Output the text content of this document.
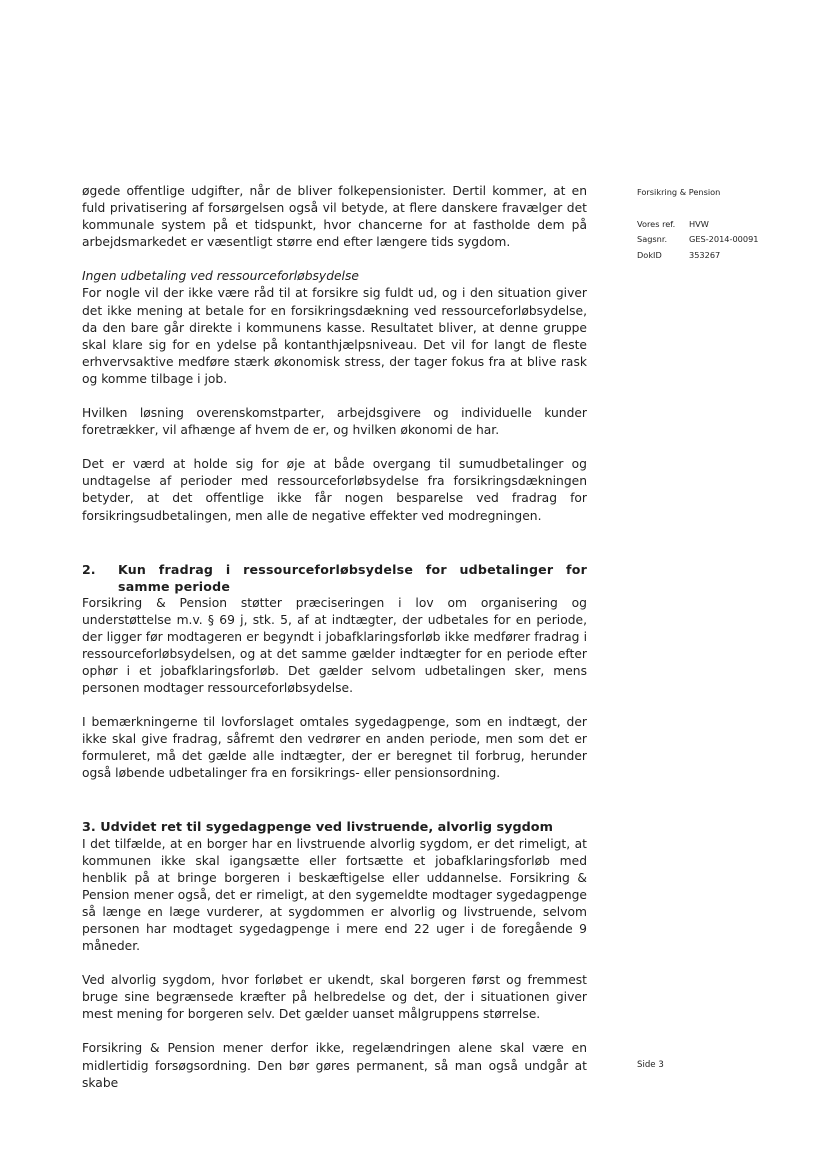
øgede offentlige udgifter, når de bliver folkepensionister. Dertil kommer, at en fuld privatisering af forsørgelsen også vil betyde, at flere danskere fravælger det kommunale system på et tidspunkt, hvor chancerne for at fastholde dem på arbejdsmarkedet er væsentligt større end efter længere tids sygdom.

Ingen udbetaling ved ressourceforløbsydelse

For nogle vil der ikke være råd til at forsikre sig fuldt ud, og i den situation giver det ikke mening at betale for en forsikringsdækning ved ressourceforløbsydelse, da den bare går direkte i kommunens kasse. Resultatet bliver, at denne gruppe skal klare sig for en ydelse på kontanthjælpsniveau. Det vil for langt de fleste erhvervsaktive medføre stærk økonomisk stress, der tager fokus fra at blive rask og komme tilbage i job.

Hvilken løsning overenskomstparter, arbejdsgivere og individuelle kunder foretrækker, vil afhænge af hvem de er, og hvilken økonomi de har.

Det er værd at holde sig for øje at både overgang til sumudbetalinger og undtagelse af perioder med ressourceforløbsydelse fra forsikringsdækningen betyder, at det offentlige ikke får nogen besparelse ved fradrag for forsikringsudbetalingen, men alle de negative effekter ved modregningen.

2.	Kun fradrag i ressourceforløbsydelse for udbetalinger for samme periode

Forsikring & Pension støtter præciseringen i lov om organisering og understøttelse m.v. § 69 j, stk. 5, af at indtægter, der udbetales for en periode, der ligger før modtageren er begyndt i jobafklaringsforløb ikke medfører fradrag i ressourceforløbsydelsen, og at det samme gælder indtægter for en periode efter ophør i et jobafklaringsforløb. Det gælder selvom udbetalingen sker, mens personen modtager ressourceforløbsydelse.

I bemærkningerne til lovforslaget omtales sygedagpenge, som en indtægt, der ikke skal give fradrag, såfremt den vedrører en anden periode, men som det er formuleret, må det gælde alle indtægter, der er beregnet til forbrug, herunder også løbende udbetalinger fra en forsikrings- eller pensionsordning.

3. Udvidet ret til sygedagpenge ved livstruende, alvorlig sygdom

I det tilfælde, at en borger har en livstruende alvorlig sygdom, er det rimeligt, at kommunen ikke skal igangsætte eller fortsætte et jobafklaringsforløb med henblik på at bringe borgeren i beskæftigelse eller uddannelse. Forsikring & Pension mener også, det er rimeligt, at den sygemeldte modtager sygedagpenge så længe en læge vurderer, at sygdommen er alvorlig og livstruende, selvom personen har modtaget sygedagpenge i mere end 22 uger i de foregående 9 måneder.

Ved alvorlig sygdom, hvor forløbet er ukendt, skal borgeren først og fremmest bruge sine begrænsede kræfter på helbredelse og det, der i situationen giver mest mening for borgeren selv. Det gælder uanset målgruppens størrelse.

Forsikring & Pension mener derfor ikke, regelændringen alene skal være en midlertidig forsøgsordning. Den bør gøres permanent, så man også undgår at skabe

Forsikring & Pension
Vores ref.	HVW
Sagsnr.	GES-2014-00091
DokID	353267
Side 3
